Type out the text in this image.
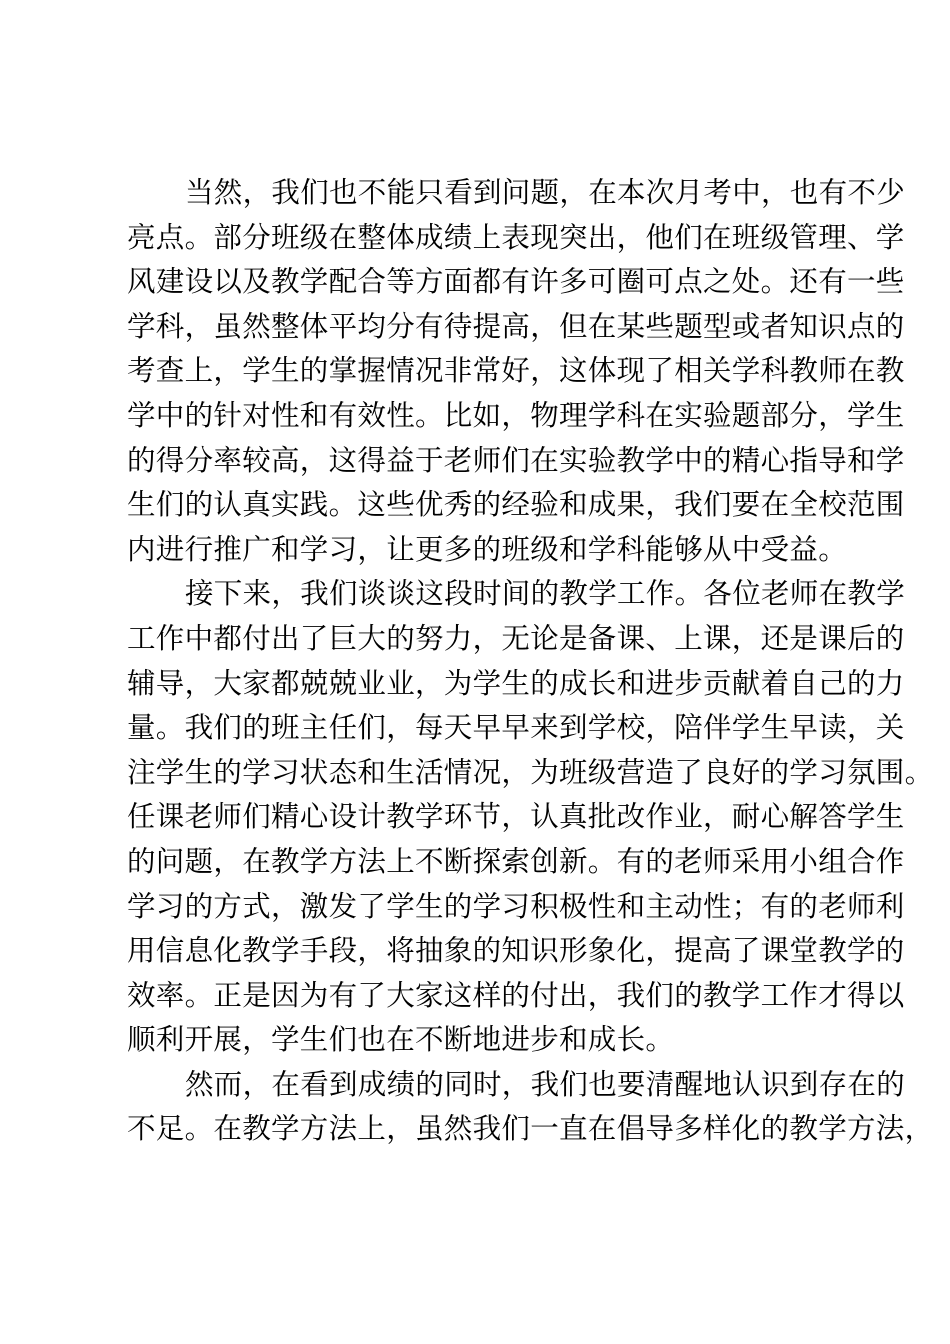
当然，我们也不能只看到问题，在本次月考中，也有不少
亮点。部分班级在整体成绩上表现突出，他们在班级管理、学
风建设以及教学配合等方面都有许多可圈可点之处。还有一些
学科，虽然整体平均分有待提高，但在某些题型或者知识点的
考查上，学生的掌握情况非常好，这体现了相关学科教师在教
学中的针对性和有效性。比如，物理学科在实验题部分，学生
的得分率较高，这得益于老师们在实验教学中的精心指导和学
生们的认真实践。这些优秀的经验和成果，我们要在全校范围
内进行推广和学习，让更多的班级和学科能够从中受益。
接下来，我们谈谈这段时间的教学工作。各位老师在教学
工作中都付出了巨大的努力，无论是备课、上课，还是课后的
辅导，大家都兢兢业业，为学生的成长和进步贡献着自己的力
量。我们的班主任们，每天早早来到学校，陪伴学生早读，关
注学生的学习状态和生活情况，为班级营造了良好的学习氛围。
任课老师们精心设计教学环节，认真批改作业，耐心解答学生
的问题，在教学方法上不断探索创新。有的老师采用小组合作
学习的方式，激发了学生的学习积极性和主动性；有的老师利
用信息化教学手段，将抽象的知识形象化，提高了课堂教学的
效率。正是因为有了大家这样的付出，我们的教学工作才得以
顺利开展，学生们也在不断地进步和成长。
然而，在看到成绩的同时，我们也要清醒地认识到存在的
不足。在教学方法上，虽然我们一直在倡导多样化的教学方法，
